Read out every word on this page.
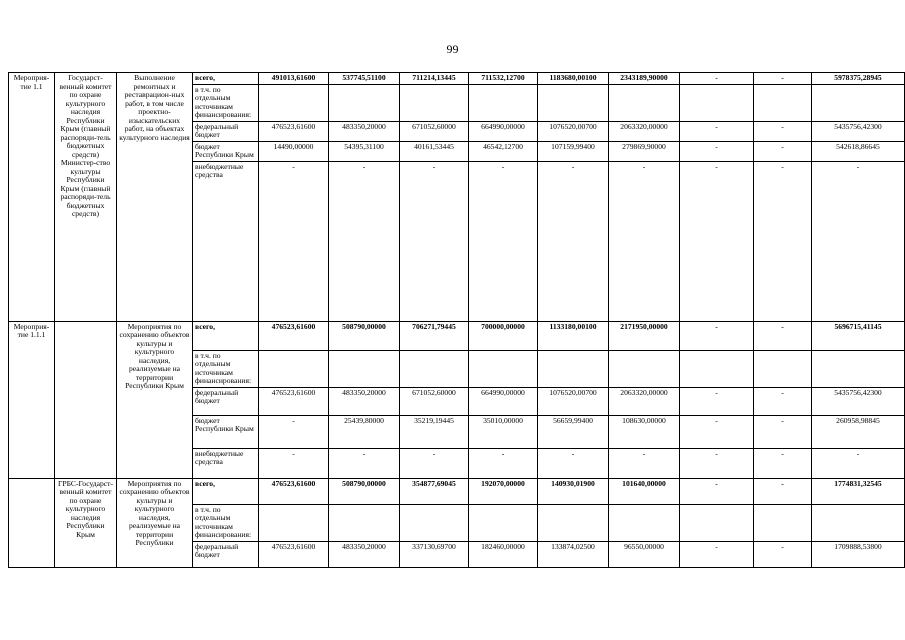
99
Мероприя-тие 1.1	Государст-венный комитет по охране культурного наследия Республики Крым (главный распоряди-тель бюджетных средств) Министер-ство культуры Республики Крым (главный распоряди-тель бюджетных средств)	Выполнение ремонтных и реставрацион-ных работ, в том числе проектно-изыскательских работ, на объектах культурного наследия	всего,	491013,61600	537745,51100	711214,13445	711532,12700	1183680,00100	2343189,90000	-	-	5978375,28945
			в т.ч. по отдельным источникам финансирования:									
			федеральный бюджет	476523,61600	483350,20000	671052,60000	664990,00000	1076520,00700	2063320,00000	-	-	5435756,42300
			бюджет Республики Крым	14490,00000	54395,31100	40161,53445	46542,12700	107159,99400	279869,90000	-	-	542618,86645
			внебюджетные средства	-	-	-	-	-	-	-	-	-
Мероприя-тие 1.1.1		Мероприятия по сохранению объектов культуры и культурного наследия, реализуемые на территории Республики Крым	всего,	476523,61600	508790,00000	706271,79445	700000,00000	1133180,00100	2171950,00000	-	-	5696715,41145
			в т.ч. по отдельным источникам финансирования:									
			федеральный бюджет	476523,61600	483350,20000	671052,60000	664990,00000	1076520,00700	2063320,00000	-	-	5435756,42300
			бюджет Республики Крым	-	25439,80000	35219,19445	35010,00000	56659,99400	108630,00000	-	-	260958,98845
			внебюджетные средства	-	-	-	-	-	-	-	-	-
	ГРБС-Государст-венный комитет по охране культурного наследия Республики Крым	Мероприятия по сохранению объектов культуры и культурного наследия, реализуемые на территории Республики	всего,	476523,61600	508790,00000	354877,69045	192070,00000	140930,01900	101640,00000	-	-	1774831,32545
			в т.ч. по отдельным источникам финансирования:									
			федеральный бюджет	476523,61600	483350,20000	337130,69700	182460,00000	133874,02500	96550,00000	-	-	1709888,53800
